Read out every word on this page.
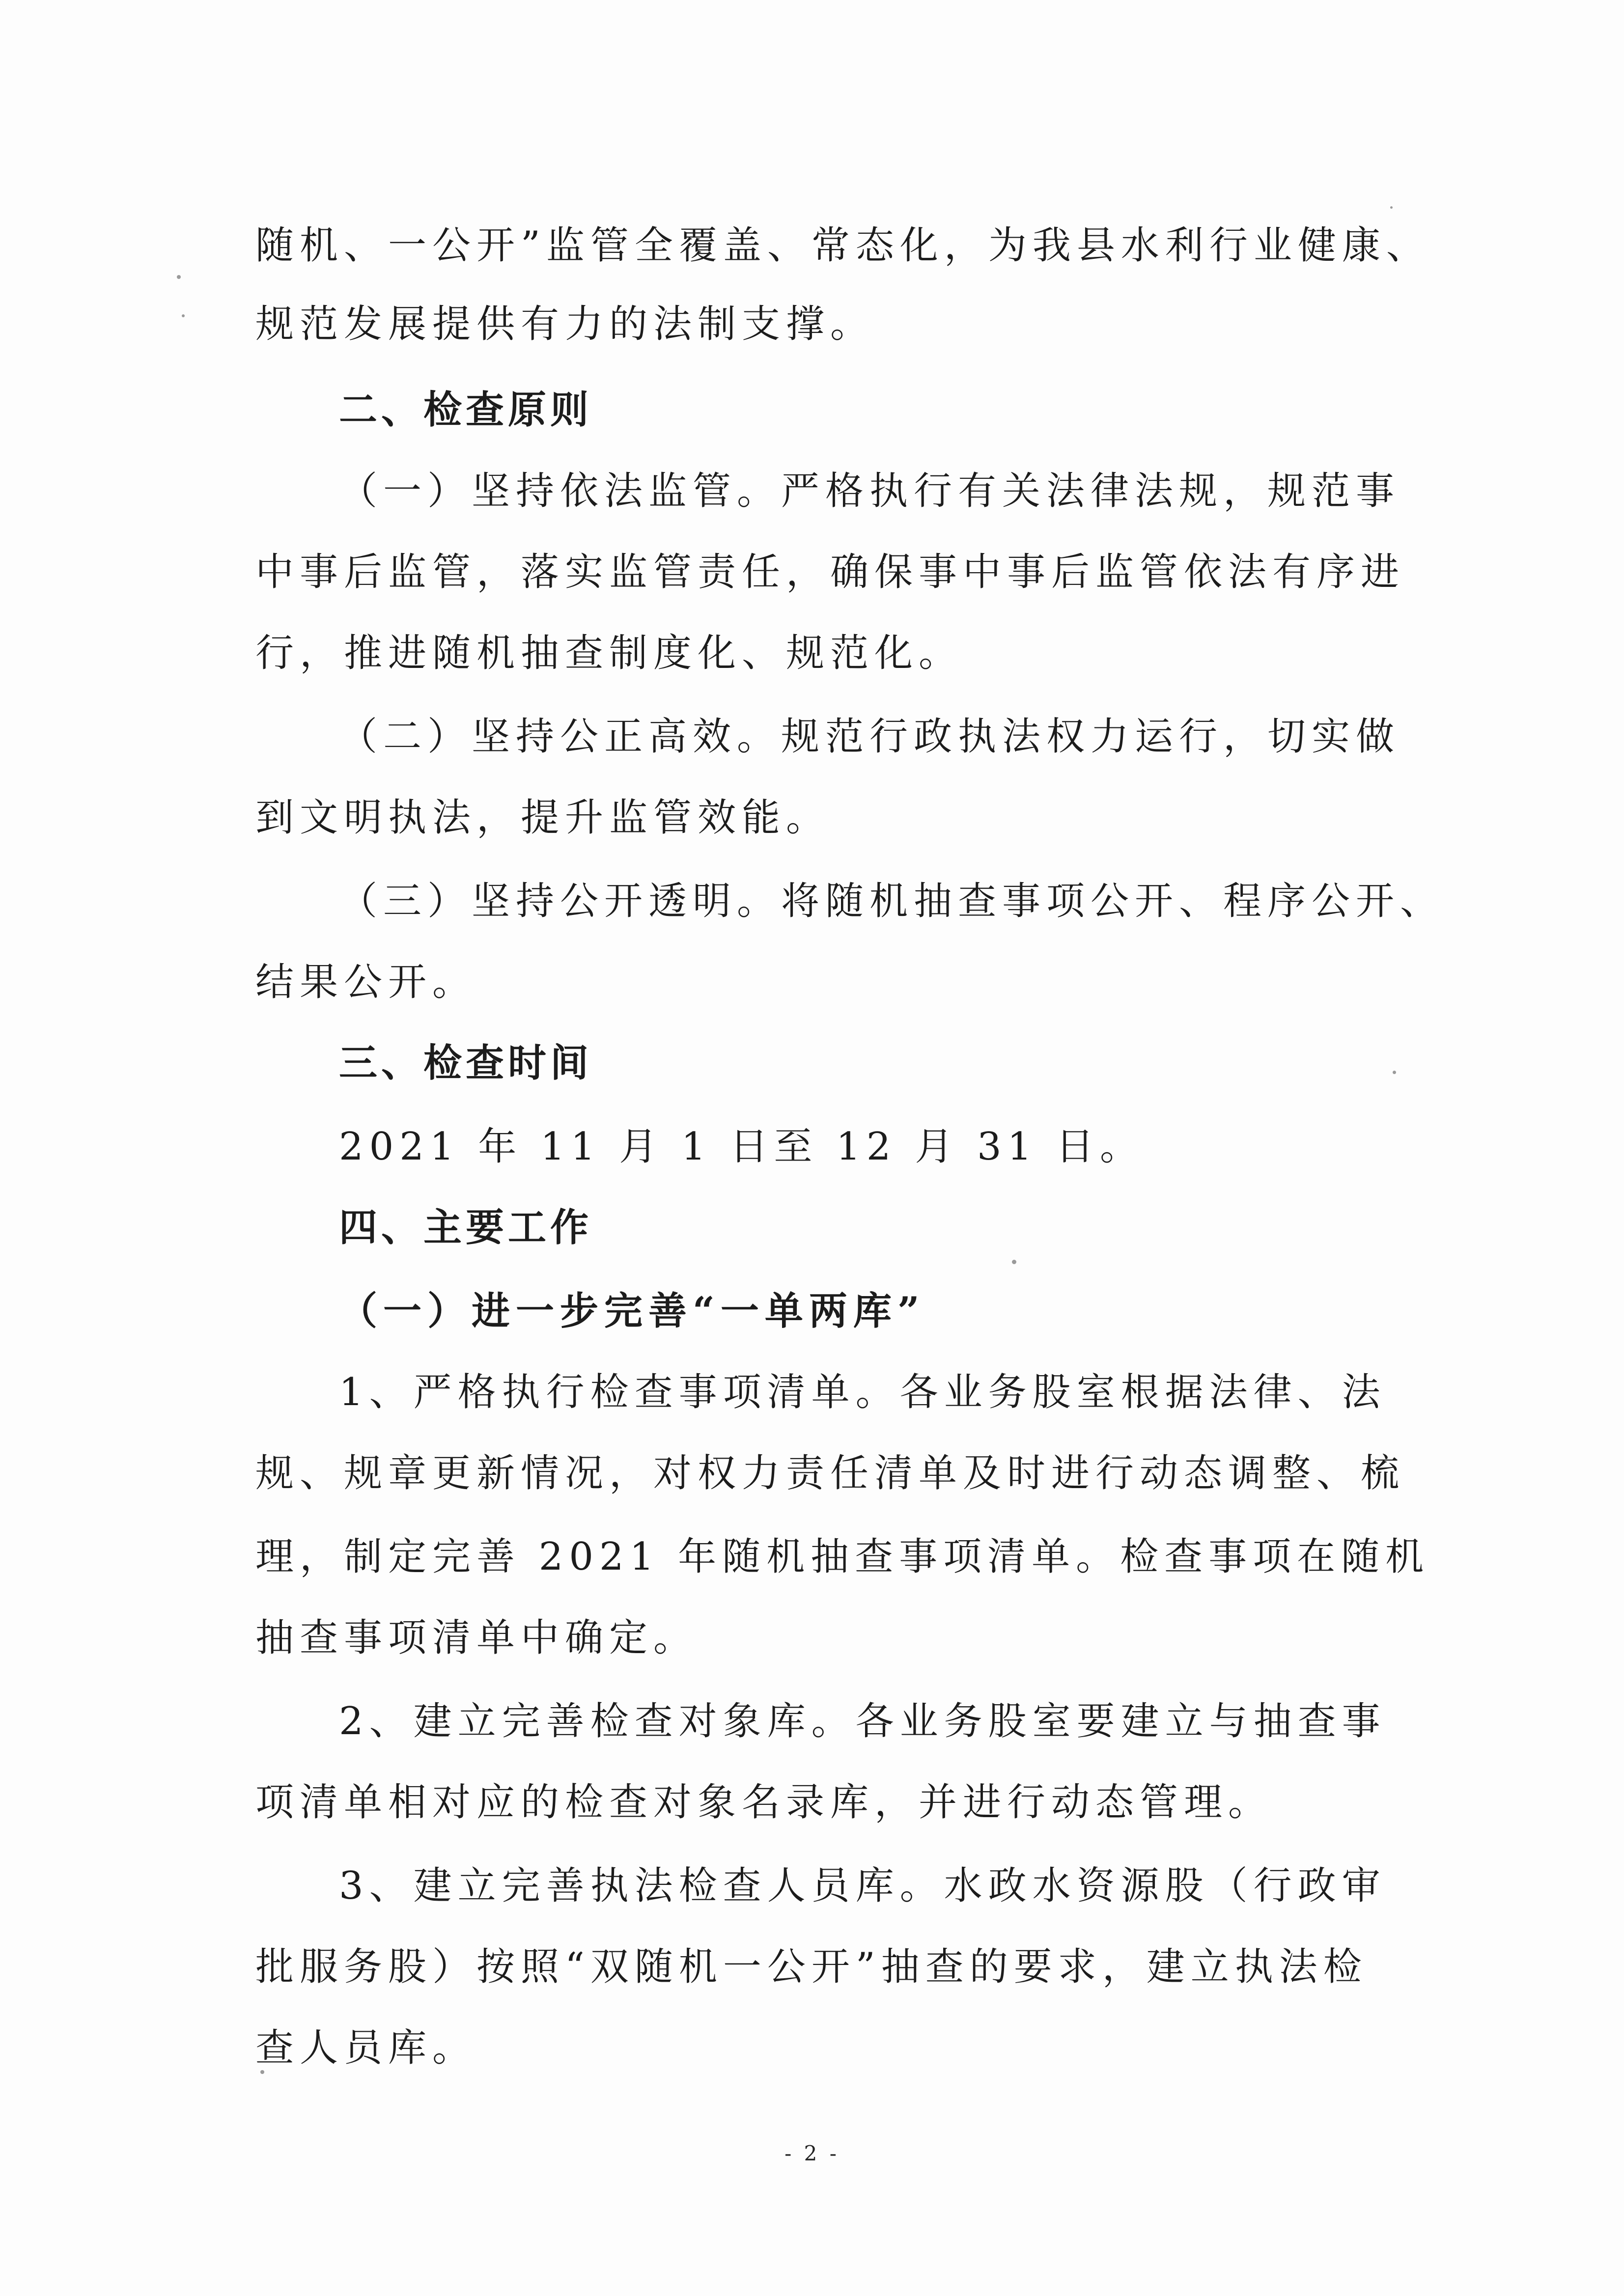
随机、一公开”监管全覆盖、常态化，为我县水利行业健康、
规范发展提供有力的法制支撑。
二、检查原则
（一）坚持依法监管。严格执行有关法律法规，规范事
中事后监管，落实监管责任，确保事中事后监管依法有序进
行，推进随机抽查制度化、规范化。
（二）坚持公正高效。规范行政执法权力运行，切实做
到文明执法，提升监管效能。
（三）坚持公开透明。将随机抽查事项公开、程序公开、
结果公开。
三、检查时间
2021 年 11 月 1 日至 12 月 31 日。
四、主要工作
（一）进一步完善“一单两库”
1、严格执行检查事项清单。各业务股室根据法律、法
规、规章更新情况，对权力责任清单及时进行动态调整、梳
理，制定完善 2021 年随机抽查事项清单。检查事项在随机
抽查事项清单中确定。
2、建立完善检查对象库。各业务股室要建立与抽查事
项清单相对应的检查对象名录库，并进行动态管理。
3、建立完善执法检查人员库。水政水资源股（行政审
批服务股）按照“双随机一公开”抽查的要求，建立执法检
查人员库。
- 2 -
